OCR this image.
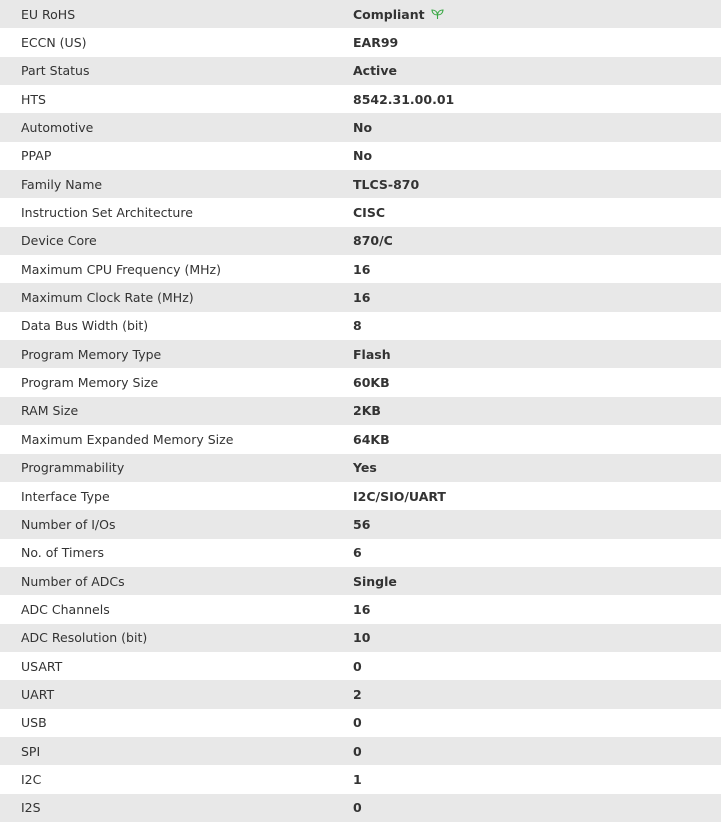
EU RoHS	Compliant
ECCN (US)	EAR99
Part Status	Active
HTS	8542.31.00.01
Automotive	No
PPAP	No
Family Name	TLCS-870
Instruction Set Architecture	CISC
Device Core	870/C
Maximum CPU Frequency (MHz)	16
Maximum Clock Rate (MHz)	16
Data Bus Width (bit)	8
Program Memory Type	Flash
Program Memory Size	60KB
RAM Size	2KB
Maximum Expanded Memory Size	64KB
Programmability	Yes
Interface Type	I2C/SIO/UART
Number of I/Os	56
No. of Timers	6
Number of ADCs	Single
ADC Channels	16
ADC Resolution (bit)	10
USART	0
UART	2
USB	0
SPI	0
I2C	1
I2S	0
